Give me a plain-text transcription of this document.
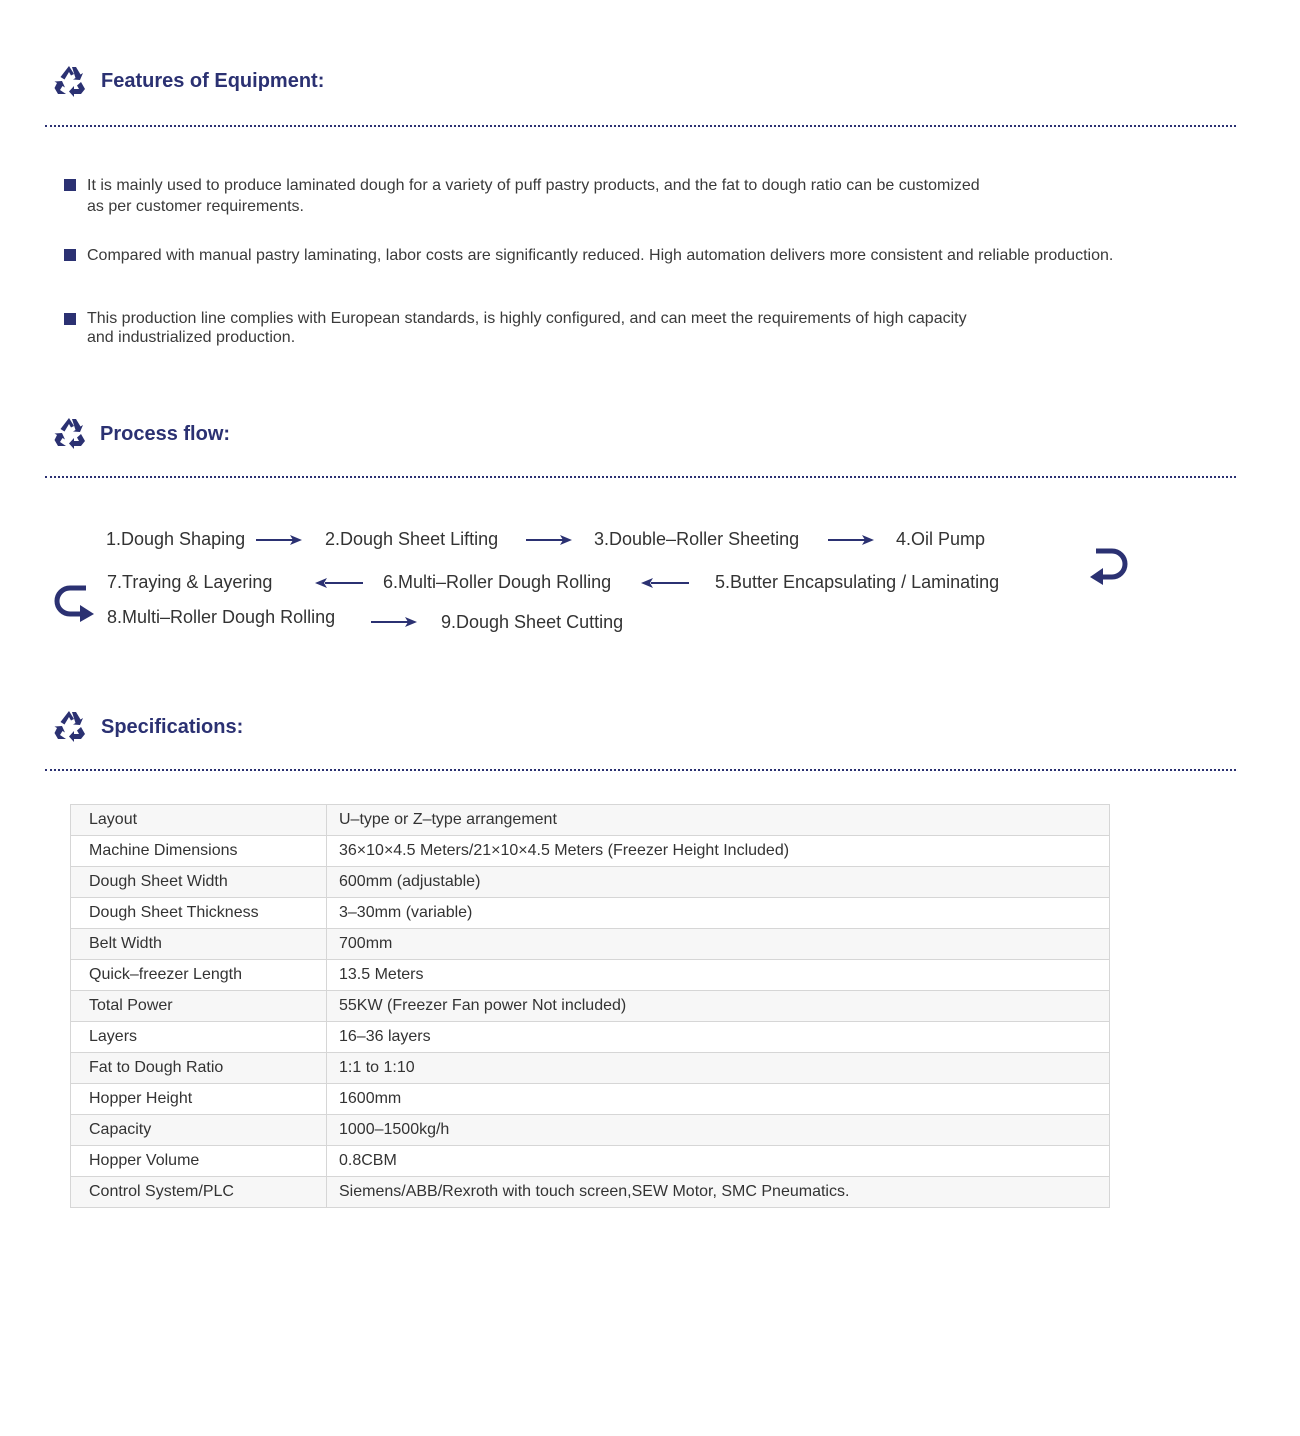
Features of Equipment:
It is mainly used to produce laminated dough for a variety of puff pastry products, and the fat to dough ratio can be customized
as per customer requirements.
Compared with manual pastry laminating, labor costs are significantly reduced. High automation delivers more consistent and reliable production.
This production line complies with European standards, is highly configured, and can meet the requirements of high capacity
and industrialized production.
Process flow:
1.Dough Shaping	2.Dough Sheet Lifting	3.Double–Roller Sheeting	4.Oil Pump
7.Traying & Layering	6.Multi–Roller Dough Rolling	5.Butter Encapsulating / Laminating
8.Multi–Roller Dough Rolling	9.Dough Sheet Cutting
Specifications:
Layout	U–type or Z–type arrangement
Machine Dimensions	36×10×4.5 Meters/21×10×4.5 Meters (Freezer Height Included)
Dough Sheet Width	600mm (adjustable)
Dough Sheet Thickness	3–30mm (variable)
Belt Width	700mm
Quick–freezer Length	13.5 Meters
Total Power	55KW (Freezer Fan power Not included)
Layers	16–36 layers
Fat to Dough Ratio	1:1 to 1:10
Hopper Height	1600mm
Capacity	1000–1500kg/h
Hopper Volume	0.8CBM
Control System/PLC	Siemens/ABB/Rexroth with touch screen,SEW Motor, SMC Pneumatics.
